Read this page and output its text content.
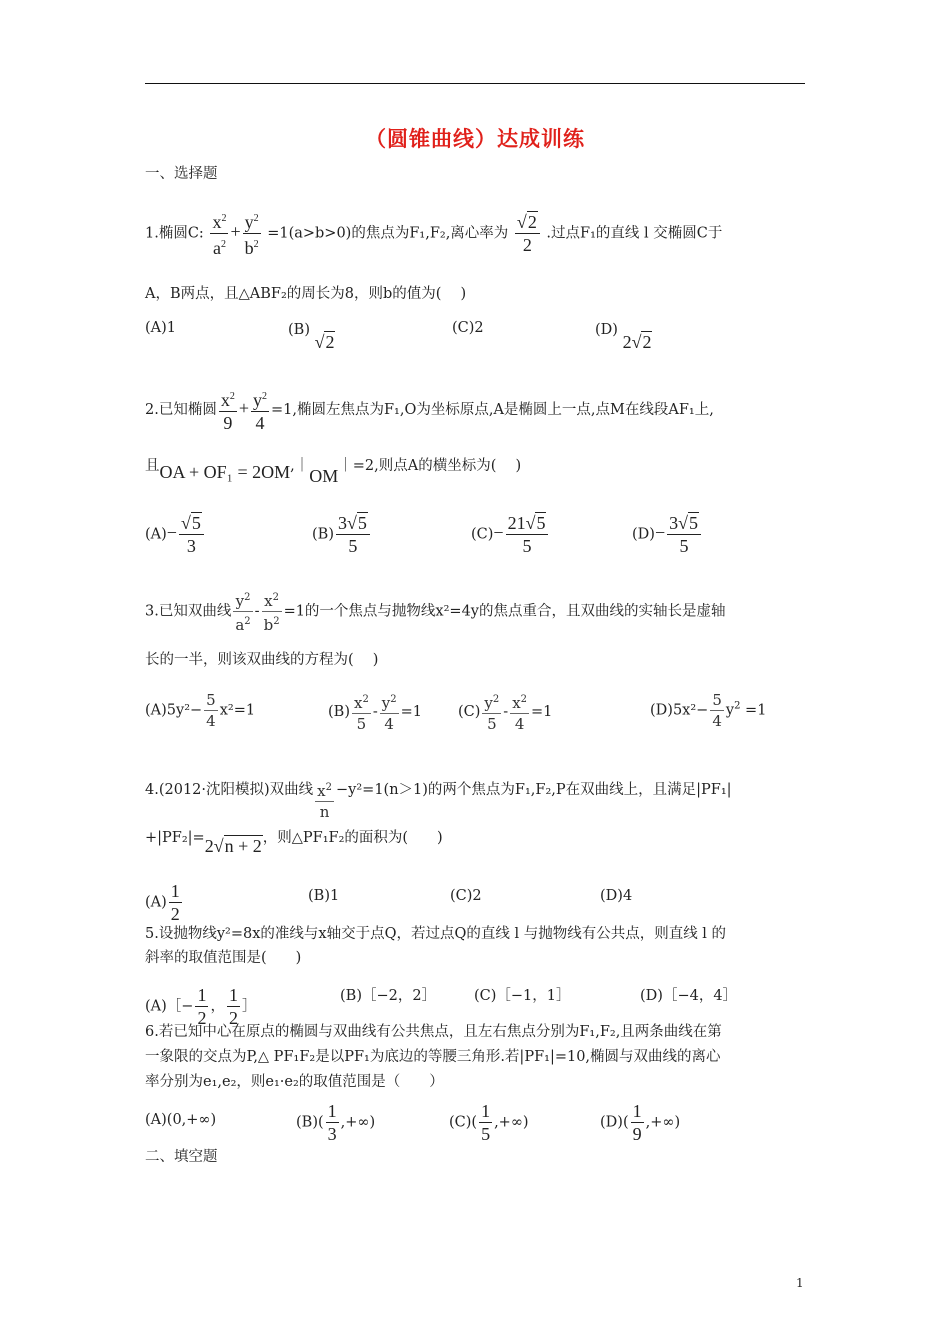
（圆锥曲线）达成训练
一、选择题
1.椭圆C: $\frac{x^2}{a^2} + \frac{y^2}{b^2} =1(a>b>0)$的焦点为F₁,F₂,离心率为 $\frac{√2}{2}$ .过点F₁的直线 l 交椭圆C于
A，B两点，且△ABF₂的周长为8，则b的值为(　 )
(A)1	(B) √2
(C)2	(D) 2√2
2.已知椭圆 $\frac{x^2}{9} + \frac{y^2}{4} =1$,椭圆左焦点为F₁,O为坐标原点,A是椭圆上一点,点M在线段AF₁上,
且OA + OF₁ = 2OM,｜OM｜=2,则点A的横坐标为(　 )
$(A)- \frac{√5}{3}$	$(B) \frac{3√5}{5}$	$(C)- \frac{21√5}{5}$	$(D)- \frac{3√5}{5}$
3.已知双曲线 $\frac{y^2}{a^2} - \frac{x^2}{b^2} =1$的一个焦点与抛物线x²=4y的焦点重合，且双曲线的实轴长是虚轴
长的一半，则该双曲线的方程为(　 )
$(A)5y^2- \frac{5}{4} x^2=1$	$(B) \frac{x^2}{5} - \frac{y^2}{4} =1$ $(C) \frac{y^2}{5} - \frac{x^2}{4} =1$	$(D)5x^2- \frac{5}{4} y^2 =1$
4.(2012·沈阳模拟)双曲线 $\frac{x^2}{n} -y^2=1(n>1)$的两个焦点为F₁,F₂,P在双曲线上，且满足|PF₁|
+|PF₂|=2√n + 2，则△PF₁F₂的面积为(　　)
$(A) \frac{1}{2}$	(B)1	(C)2	(D)4
5.设抛物线y²=8x的准线与x轴交于点Q，若过点Q的直线 l 与抛物线有公共点，则直线 l 的
斜率的取值范围是(　　)
(A)［− $\frac{1}{2}$ ， $\frac{1}{2}$ ］
(B)［−2，2］	(C)［−1，1］	(D)［−4，4］
6.若已知中心在原点的椭圆与双曲线有公共焦点，且左右焦点分别为F₁,F₂,且两条曲线在第
一象限的交点为P,△ PF₁F₂是以PF₁为底边的等腰三角形.若|PF₁|=10,椭圆与双曲线的离心
率分别为e₁,e₂，则e₁·e₂的取值范围是（　　）
(A)(0,+∞)	$(B)( \frac{1}{3}$ ,+∞)	$(C)( \frac{1}{5}$ ,+∞)	$(D)( \frac{1}{9}$ ,+∞)
二、填空题
1
